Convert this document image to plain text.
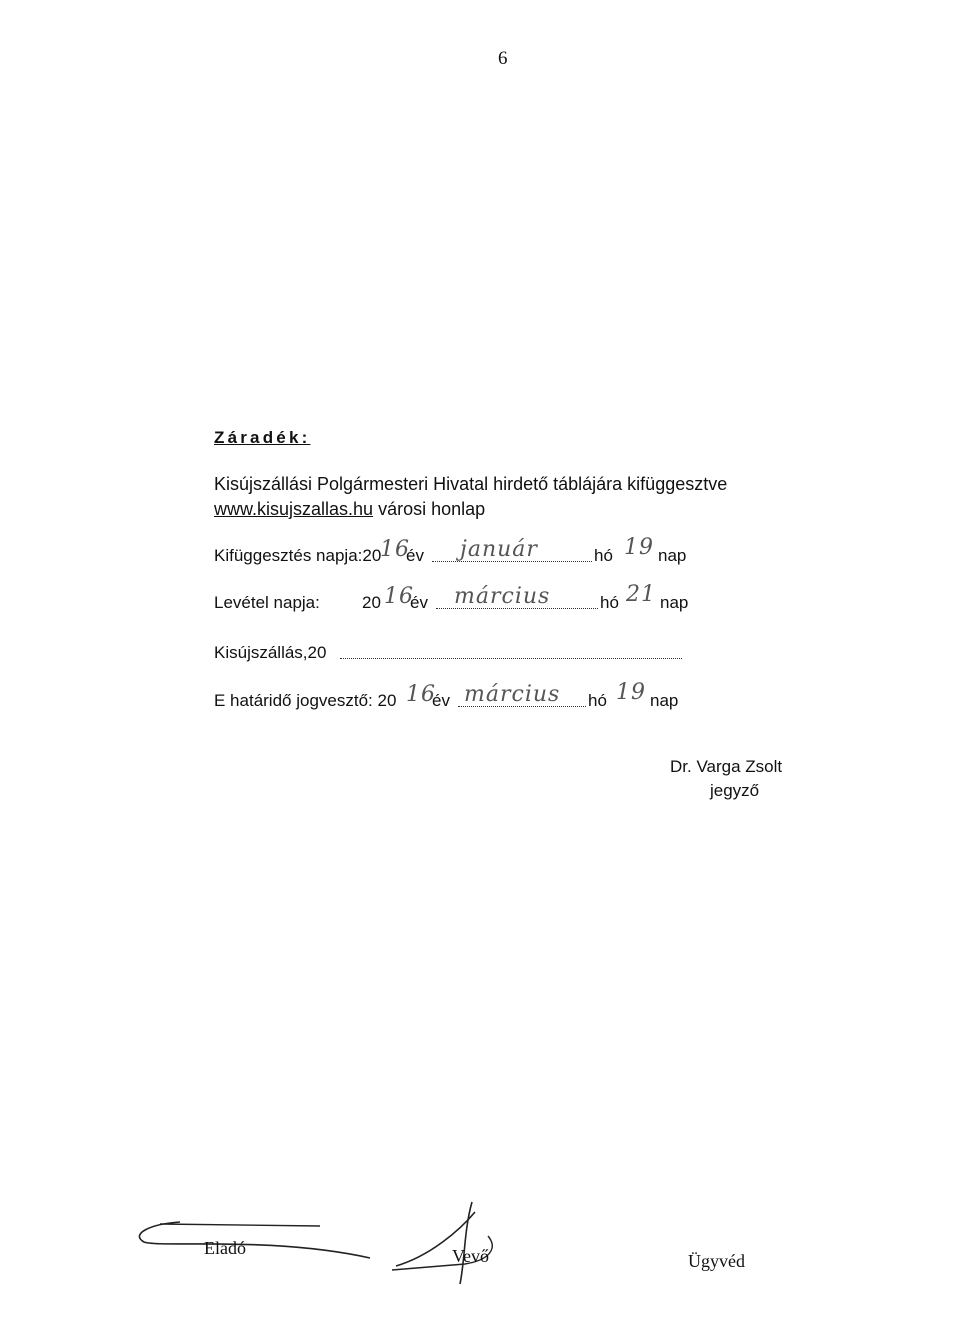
6
Záradék:
Kisújszállási Polgármesteri Hivatal hirdető táblájára kifüggesztve
www.kisujszallas.hu városi honlap
Kifüggesztés napja:20
16
év január	hó 19 nap
Levétel napja: 20 16
év március	hó 21 nap
Kisújszállás,20
E határidő jogvesztő: 20 16
év március hó 19 nap
Dr. Varga Zsolt
jegyző
Eladó	Vevő	Ügyvéd
